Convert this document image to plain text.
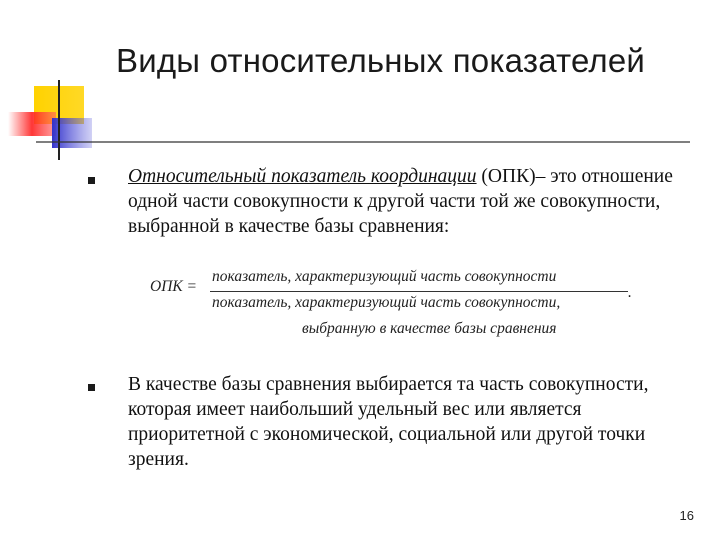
Виды относительных показателей
Относительный показатель координации (ОПК)– это отношение одной части совокупности к другой части той же совокупности, выбранной в качестве базы сравнения:
ОПК =
показатель, характеризующий часть совокупности
показатель, характеризующий часть совокупности,
.
выбранную в качестве базы сравнения
В качестве базы сравнения выбирается та часть совокупности, которая имеет наибольший удельный вес или является приоритетной с экономической, социальной или другой точки зрения.
16
